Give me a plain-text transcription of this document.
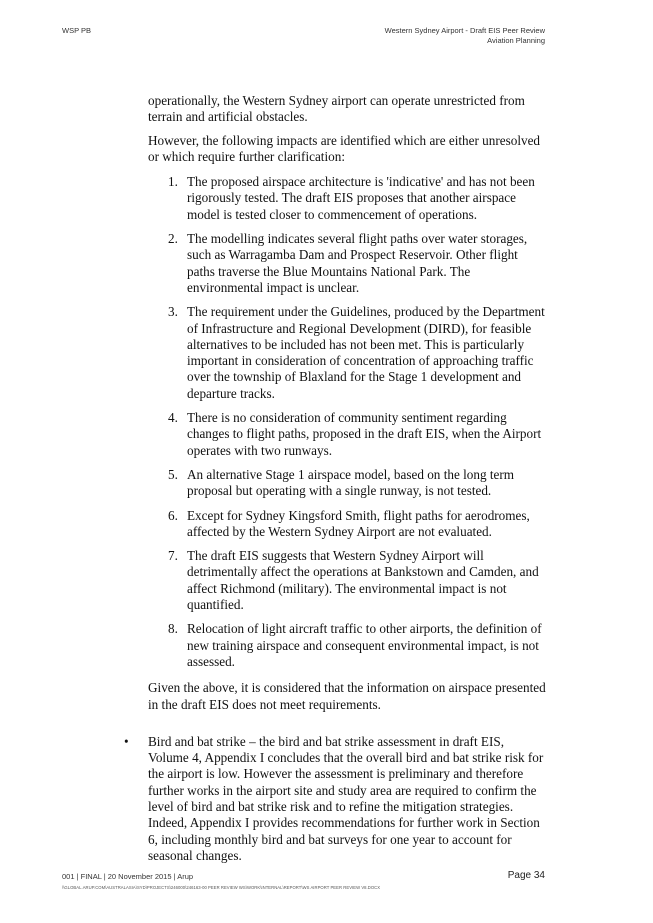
WSP PB	Western Sydney Airport - Draft EIS Peer Review
Aviation Planning

operationally, the Western Sydney airport can operate unrestricted from terrain and artificial obstacles.

However, the following impacts are identified which are either unresolved or which require further clarification:

1. The proposed airspace architecture is 'indicative' and has not been rigorously tested. The draft EIS proposes that another airspace model is tested closer to commencement of operations.
2. The modelling indicates several flight paths over water storages, such as Warragamba Dam and Prospect Reservoir. Other flight paths traverse the Blue Mountains National Park. The environmental impact is unclear.
3. The requirement under the Guidelines, produced by the Department of Infrastructure and Regional Development (DIRD), for feasible alternatives to be included has not been met. This is particularly important in consideration of concentration of approaching traffic over the township of Blaxland for the Stage 1 development and departure tracks.
4. There is no consideration of community sentiment regarding changes to flight paths, proposed in the draft EIS, when the Airport operates with two runways.
5. An alternative Stage 1 airspace model, based on the long term proposal but operating with a single runway, is not tested.
6. Except for Sydney Kingsford Smith, flight paths for aerodromes, affected by the Western Sydney Airport are not evaluated.
7. The draft EIS suggests that Western Sydney Airport will detrimentally affect the operations at Bankstown and Camden, and affect Richmond (military). The environmental impact is not quantified.
8. Relocation of light aircraft traffic to other airports, the definition of new training airspace and consequent environmental impact, is not assessed.

Given the above, it is considered that the information on airspace presented in the draft EIS does not meet requirements.

• Bird and bat strike – the bird and bat strike assessment in draft EIS, Volume 4, Appendix I concludes that the overall bird and bat strike risk for the airport is low. However the assessment is preliminary and therefore further works in the airport site and study area are required to confirm the level of bird and bat strike risk and to refine the mitigation strategies. Indeed, Appendix I provides recommendations for further work in Section 6, including monthly bird and bat surveys for one year to account for seasonal changes.
001 | FINAL | 20 November 2015 | Arup
\\GLOBAL.ARUP.COM\AUSTRALASIA\SYD\PROJECTS\246000\246163-00 PEER REVIEW WS\WORK\INTERNAL\REPORT\WS AIRPORT PEER REVIEW V8.DOCX
Page 34
